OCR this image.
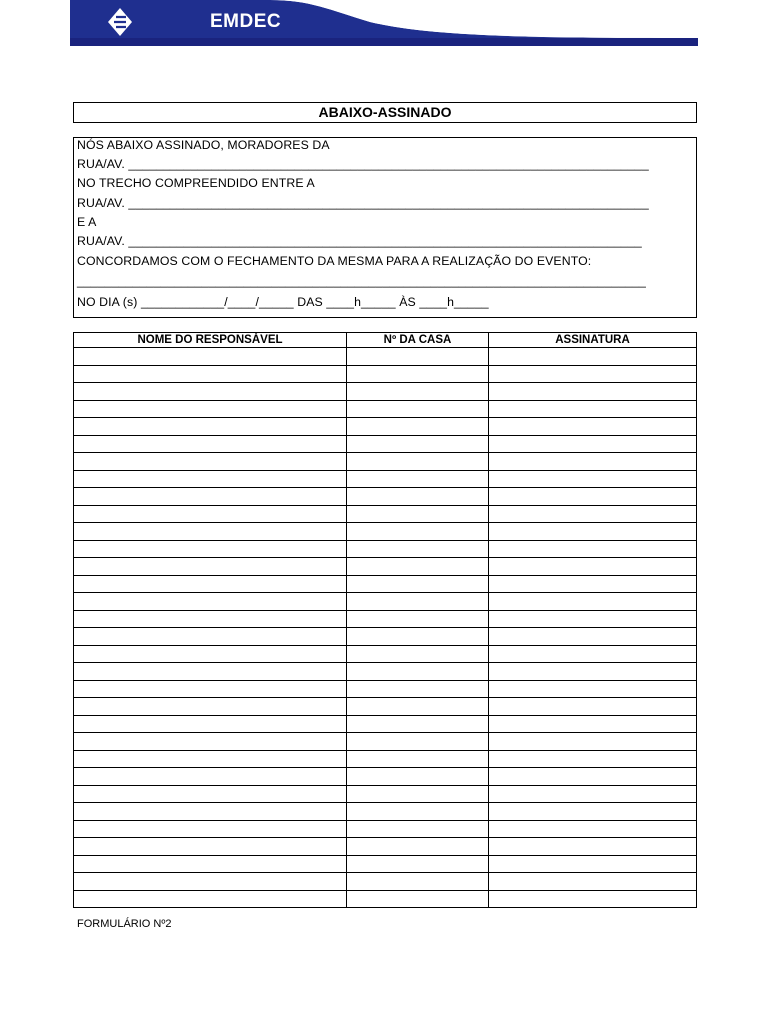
EMDEC
ABAIXO-ASSINADO
NÓS ABAIXO ASSINADO, MORADORES DA
RUA/AV. ___________________________________________________________________________
NO TRECHO COMPREENDIDO ENTRE A
RUA/AV. ___________________________________________________________________________
E A
RUA/AV. __________________________________________________________________________
CONCORDAMOS COM O FECHAMENTO DA MESMA PARA A REALIZAÇÃO DO EVENTO:
__________________________________________________________________________________
NO DIA (s) ____________/____/_____ DAS ____h_____ ÀS ____h_____
NOME DO RESPONSÁVEL	Nº DA CASA	ASSINATURA

FORMULÁRIO Nº2
